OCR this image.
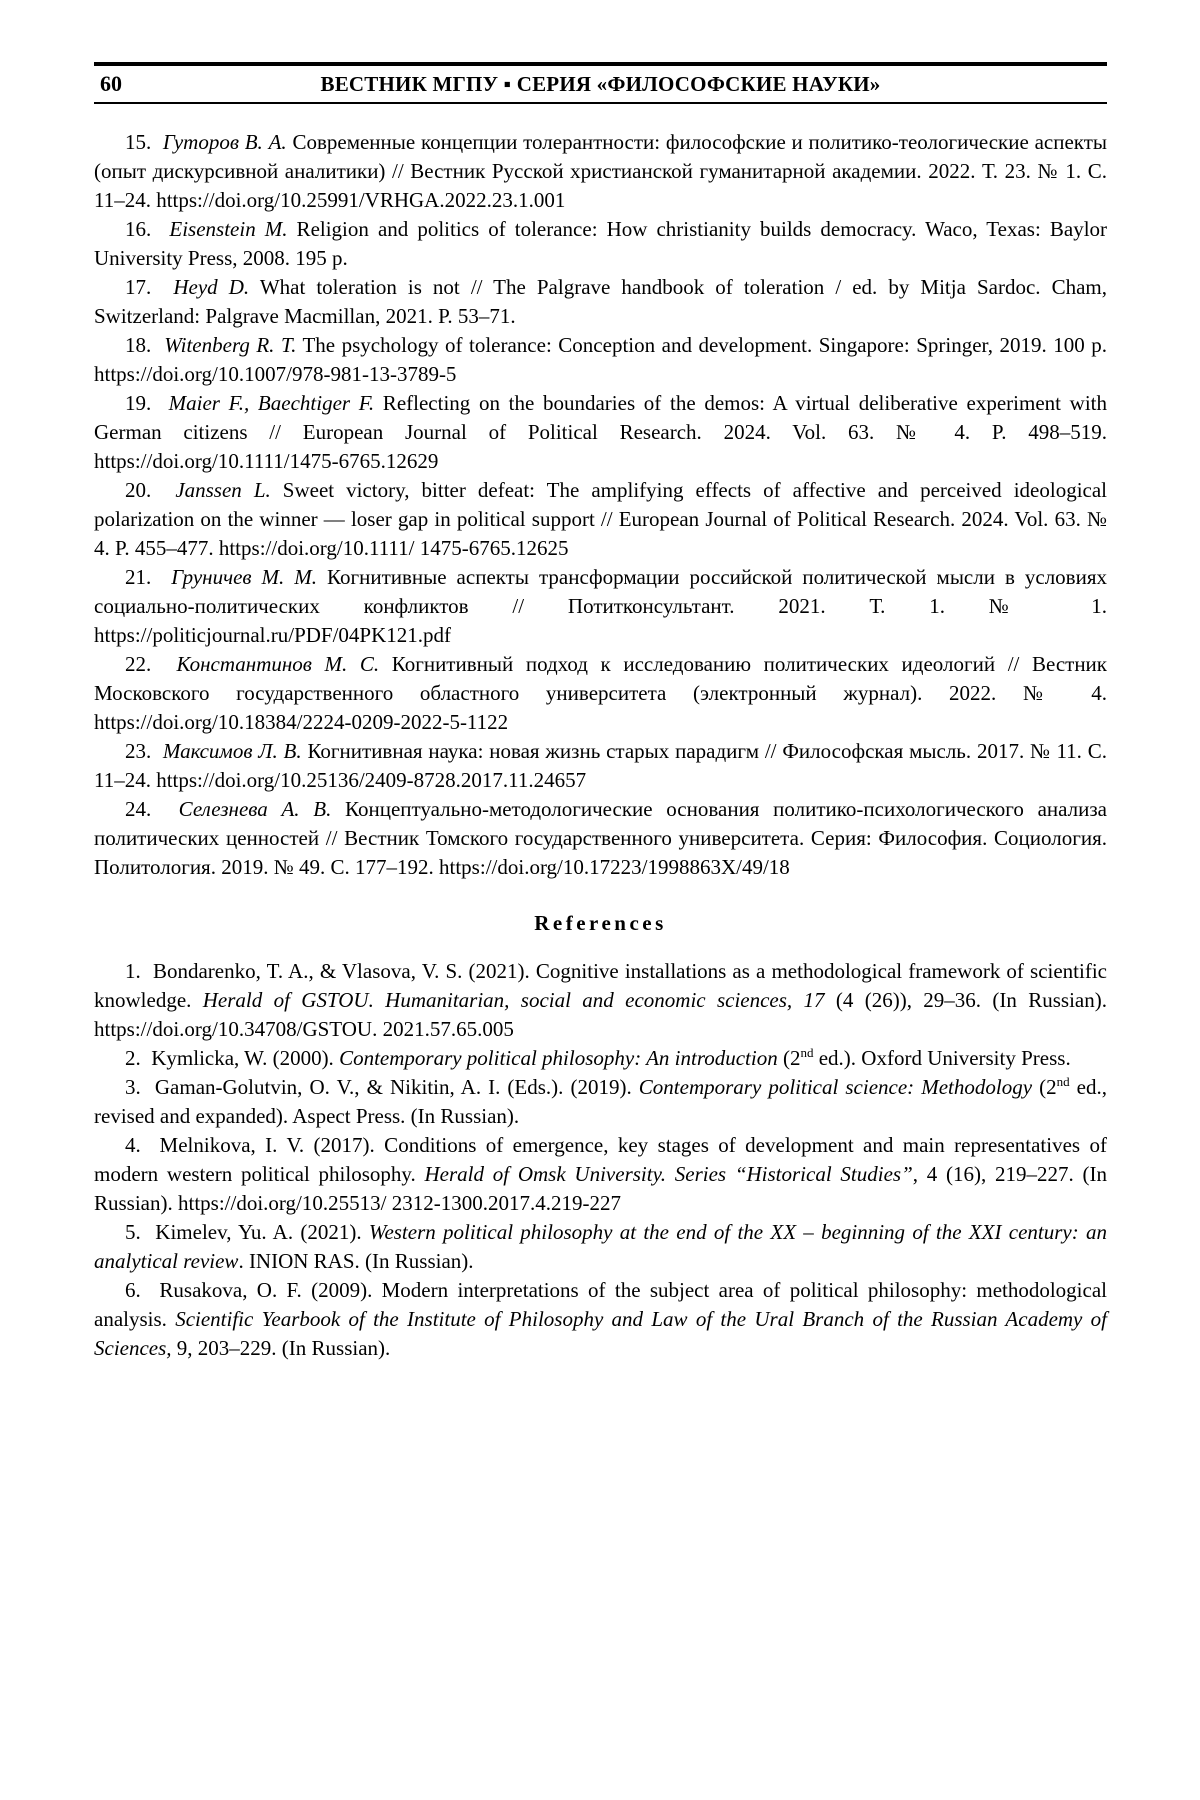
60	ВЕСТНИК МГПУ ▪ СЕРИЯ «ФИЛОСОФСКИЕ НАУКИ»

15.  Гуторов В. А. Современные концепции толерантности: философские и политико-теологические аспекты (опыт дискурсивной аналитики) // Вестник Русской христианской гуманитарной академии. 2022. Т. 23. № 1. С. 11–24. https://doi.org/10.25991/VRHGA.2022.23.1.001

16.  Eisenstein M. Religion and politics of tolerance: How christianity builds democracy. Waco, Texas: Baylor University Press, 2008. 195 p.

17.  Heyd D. What toleration is not // The Palgrave handbook of toleration / ed. by Mitja Sardoc. Cham, Switzerland: Palgrave Macmillan, 2021. P. 53–71.

18.  Witenberg R. T. The psychology of tolerance: Conception and development. Singapore: Springer, 2019. 100 p. https://doi.org/10.1007/978-981-13-3789-5

19.  Maier F., Baechtiger F. Reflecting on the boundaries of the demos: A virtual deliberative experiment with German citizens // European Journal of Political Research. 2024. Vol. 63. № 4. P. 498–519. https://doi.org/10.1111/1475-6765.12629

20.  Janssen L. Sweet victory, bitter defeat: The amplifying effects of affective and perceived ideological polarization on the winner — loser gap in political support // European Journal of Political Research. 2024. Vol. 63. № 4. P. 455–477. https://doi.org/10.1111/ 1475-6765.12625

21.  Груничев М. М. Когнитивные аспекты трансформации российской политической мысли в условиях социально-политических конфликтов // Потитконсультант. 2021. Т. 1. № 1. https://politicjournal.ru/PDF/04PK121.pdf

22.  Константинов М. С. Когнитивный подход к исследованию политических идеологий // Вестник Московского государственного областного университета (электронный журнал). 2022. № 4. https://doi.org/10.18384/2224-0209-2022-5-1122

23.  Максимов Л. В. Когнитивная наука: новая жизнь старых парадигм // Философская мысль. 2017. № 11. С. 11–24. https://doi.org/10.25136/2409-8728.2017.11.24657

24.  Селезнева А. В. Концептуально-методологические основания политико-психологического анализа политических ценностей // Вестник Томского государственного университета. Серия: Философия. Социология. Политология. 2019. № 49. С. 177–192. https://doi.org/10.17223/1998863X/49/18

References

1.  Bondarenko, T. A., & Vlasova, V. S. (2021). Cognitive installations as a methodological framework of scientific knowledge. Herald of GSTOU. Humanitarian, social and economic sciences, 17 (4 (26)), 29–36. (In Russian). https://doi.org/10.34708/GSTOU. 2021.57.65.005

2.  Kymlicka, W. (2000). Contemporary political philosophy: An introduction (2nd ed.). Oxford University Press.

3.  Gaman-Golutvin, O. V., & Nikitin, A. I. (Eds.). (2019). Contemporary political science: Methodology (2nd ed., revised and expanded). Aspect Press. (In Russian).

4.  Melnikova, I. V. (2017). Conditions of emergence, key stages of development and main representatives of modern western political philosophy. Herald of Omsk University. Series “Historical Studies”, 4 (16), 219–227. (In Russian). https://doi.org/10.25513/ 2312-1300.2017.4.219-227

5.  Kimelev, Yu. A. (2021). Western political philosophy at the end of the XX – beginning of the XXI century: an analytical review. INION RAS. (In Russian).

6.  Rusakova, O. F. (2009). Modern interpretations of the subject area of political philosophy: methodological analysis. Scientific Yearbook of the Institute of Philosophy and Law of the Ural Branch of the Russian Academy of Sciences, 9, 203–229. (In Russian).
